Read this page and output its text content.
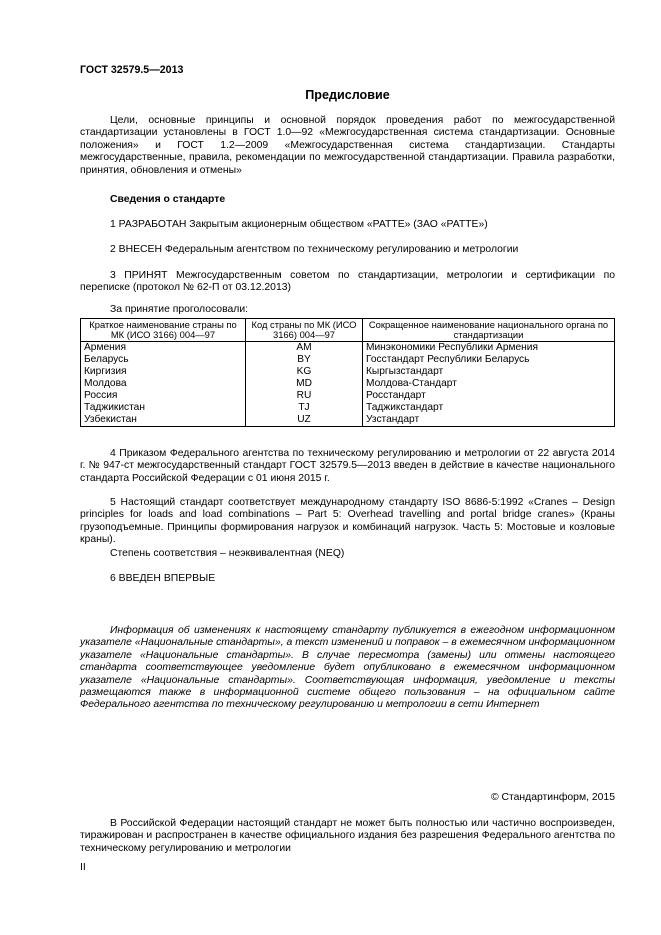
ГОСТ 32579.5—2013
Предисловие
Цели, основные принципы и основной порядок проведения работ по межгосударственной стандартизации установлены в ГОСТ 1.0—92 «Межгосударственная система стандартизации. Основные положения» и ГОСТ 1.2—2009 «Межгосударственная система стандартизации. Стандарты межгосударственные, правила, рекомендации по межгосударственной стандартизации. Правила разработки, принятия, обновления и отмены»
Сведения о стандарте
1 РАЗРАБОТАН Закрытым акционерным обществом «РАТТЕ» (ЗАО «РАТТЕ»)
2 ВНЕСЕН Федеральным агентством по техническому регулированию и метрологии
3 ПРИНЯТ Межгосударственным советом по стандартизации, метрологии и сертификации по переписке (протокол № 62-П от 03.12.2013)
За принятие проголосовали:
Краткое наименование страны по МК (ИСО 3166) 004—97	Код страны по МК (ИСО 3166) 004—97	Сокращенное наименование национального органа по стандартизации
Армения	AM	Минэкономики Республики Армения
Беларусь	BY	Госстандарт Республики Беларусь
Киргизия	KG	Кыргызстандарт
Молдова	MD	Молдова-Стандарт
Россия	RU	Росстандарт
Таджикистан	TJ	Таджикстандарт
Узбекистан	UZ	Узстандарт
4 Приказом Федерального агентства по техническому регулированию и метрологии от 22 августа 2014 г. № 947-ст межгосударственный стандарт ГОСТ 32579.5—2013 введен в действие в качестве национального стандарта Российской Федерации с 01 июня 2015 г.
5 Настоящий стандарт соответствует международному стандарту ISO 8686-5:1992 «Cranes – Design principles for loads and load combinations – Part 5: Overhead travelling and portal bridge cranes» (Краны грузоподъемные. Принципы формирования нагрузок и комбинаций нагрузок. Часть 5: Мостовые и козловые краны).
Степень соответствия – неэквивалентная (NEQ)
6 ВВЕДЕН ВПЕРВЫЕ
Информация об изменениях к настоящему стандарту публикуется в ежегодном информационном указателе «Национальные стандарты», а текст изменений и поправок – в ежемесячном информационном указателе «Национальные стандарты». В случае пересмотра (замены) или отмены настоящего стандарта соответствующее уведомление будет опубликовано в ежемесячном информационном указателе «Национальные стандарты». Соответствующая информация, уведомление и тексты размещаются также в информационной системе общего пользования – на официальном сайте Федерального агентства по техническому регулированию и метрологии в сети Интернет
© Стандартинформ, 2015
В Российской Федерации настоящий стандарт не может быть полностью или частично воспроизведен, тиражирован и распространен в качестве официального издания без разрешения Федерального агентства по техническому регулированию и метрологии
II
